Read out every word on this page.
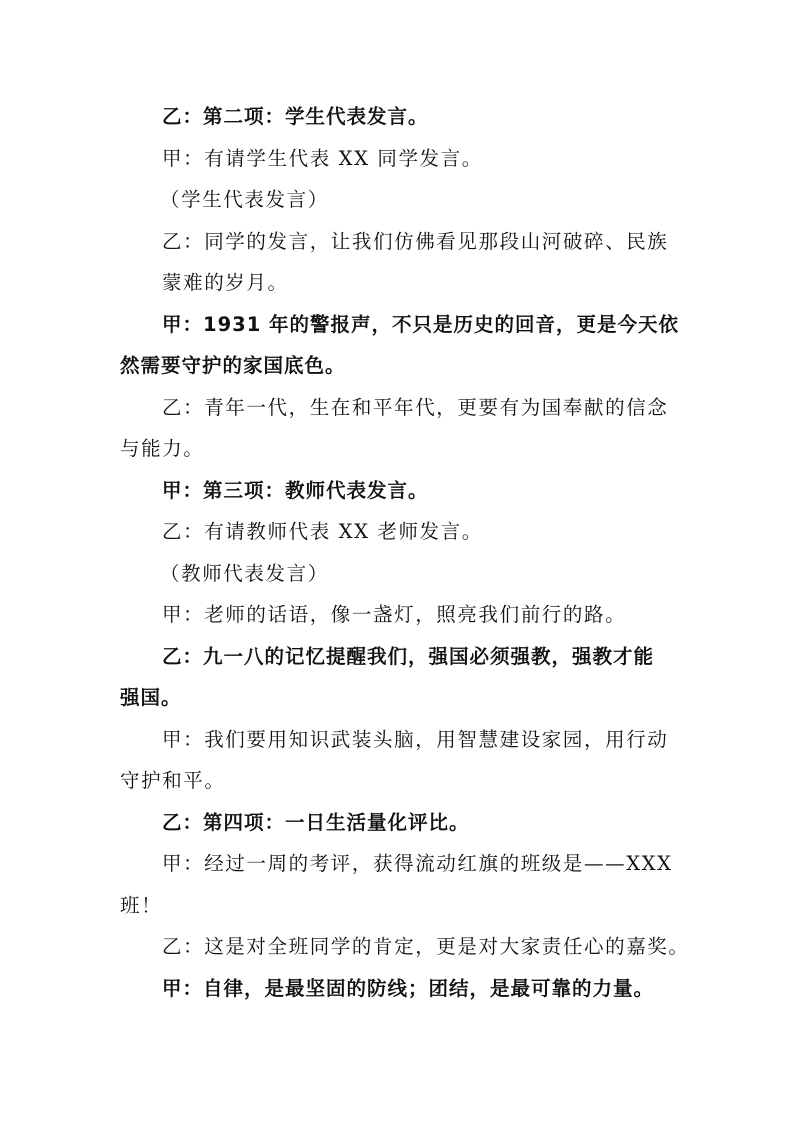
乙：第二项：学生代表发言。
甲：有请学生代表 XX 同学发言。
（学生代表发言）
乙：同学的发言，让我们仿佛看见那段山河破碎、民族
蒙难的岁月。
甲：1931 年的警报声，不只是历史的回音，更是今天依
然需要守护的家国底色。
乙：青年一代，生在和平年代，更要有为国奉献的信念
与能力。
甲：第三项：教师代表发言。
乙：有请教师代表 XX 老师发言。
（教师代表发言）
甲：老师的话语，像一盏灯，照亮我们前行的路。
乙：九一八的记忆提醒我们，强国必须强教，强教才能
强国。
甲：我们要用知识武装头脑，用智慧建设家园，用行动
守护和平。
乙：第四项：一日生活量化评比。
甲：经过一周的考评，获得流动红旗的班级是——XXX
班！
乙：这是对全班同学的肯定，更是对大家责任心的嘉奖。
甲：自律，是最坚固的防线；团结，是最可靠的力量。
